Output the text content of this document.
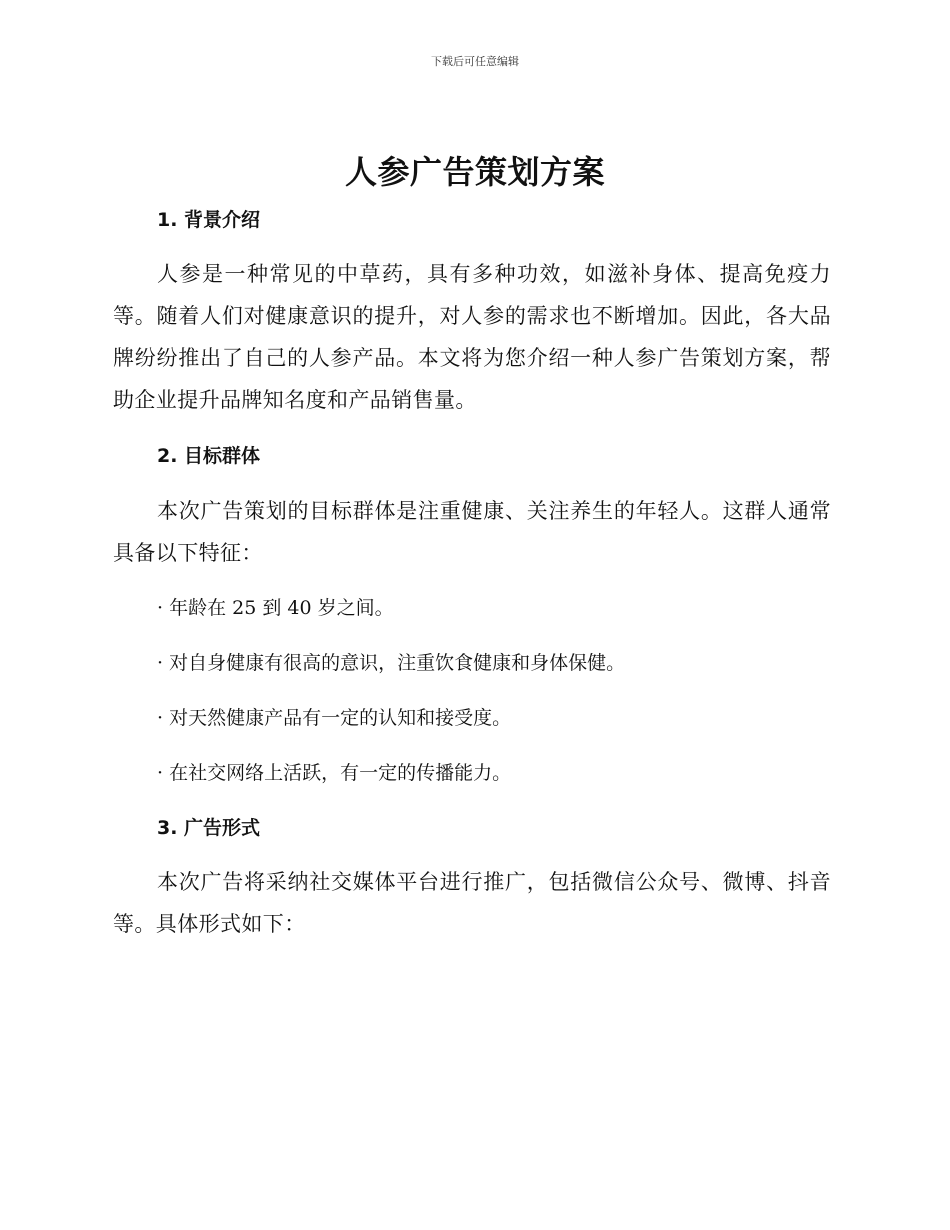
下载后可任意编辑
人参广告策划方案
1. 背景介绍

人参是一种常见的中草药，具有多种功效，如滋补身体、提高免疫力等。随着人们对健康意识的提升，对人参的需求也不断增加。因此，各大品牌纷纷推出了自己的人参产品。本文将为您介绍一种人参广告策划方案，帮助企业提升品牌知名度和产品销售量。

2. 目标群体

本次广告策划的目标群体是注重健康、关注养生的年轻人。这群人通常具备以下特征：

· 年龄在 25 到 40 岁之间。
· 对自身健康有很高的意识，注重饮食健康和身体保健。
· 对天然健康产品有一定的认知和接受度。
· 在社交网络上活跃，有一定的传播能力。
3. 广告形式

本次广告将采纳社交媒体平台进行推广，包括微信公众号、微博、抖音等。具体形式如下：
